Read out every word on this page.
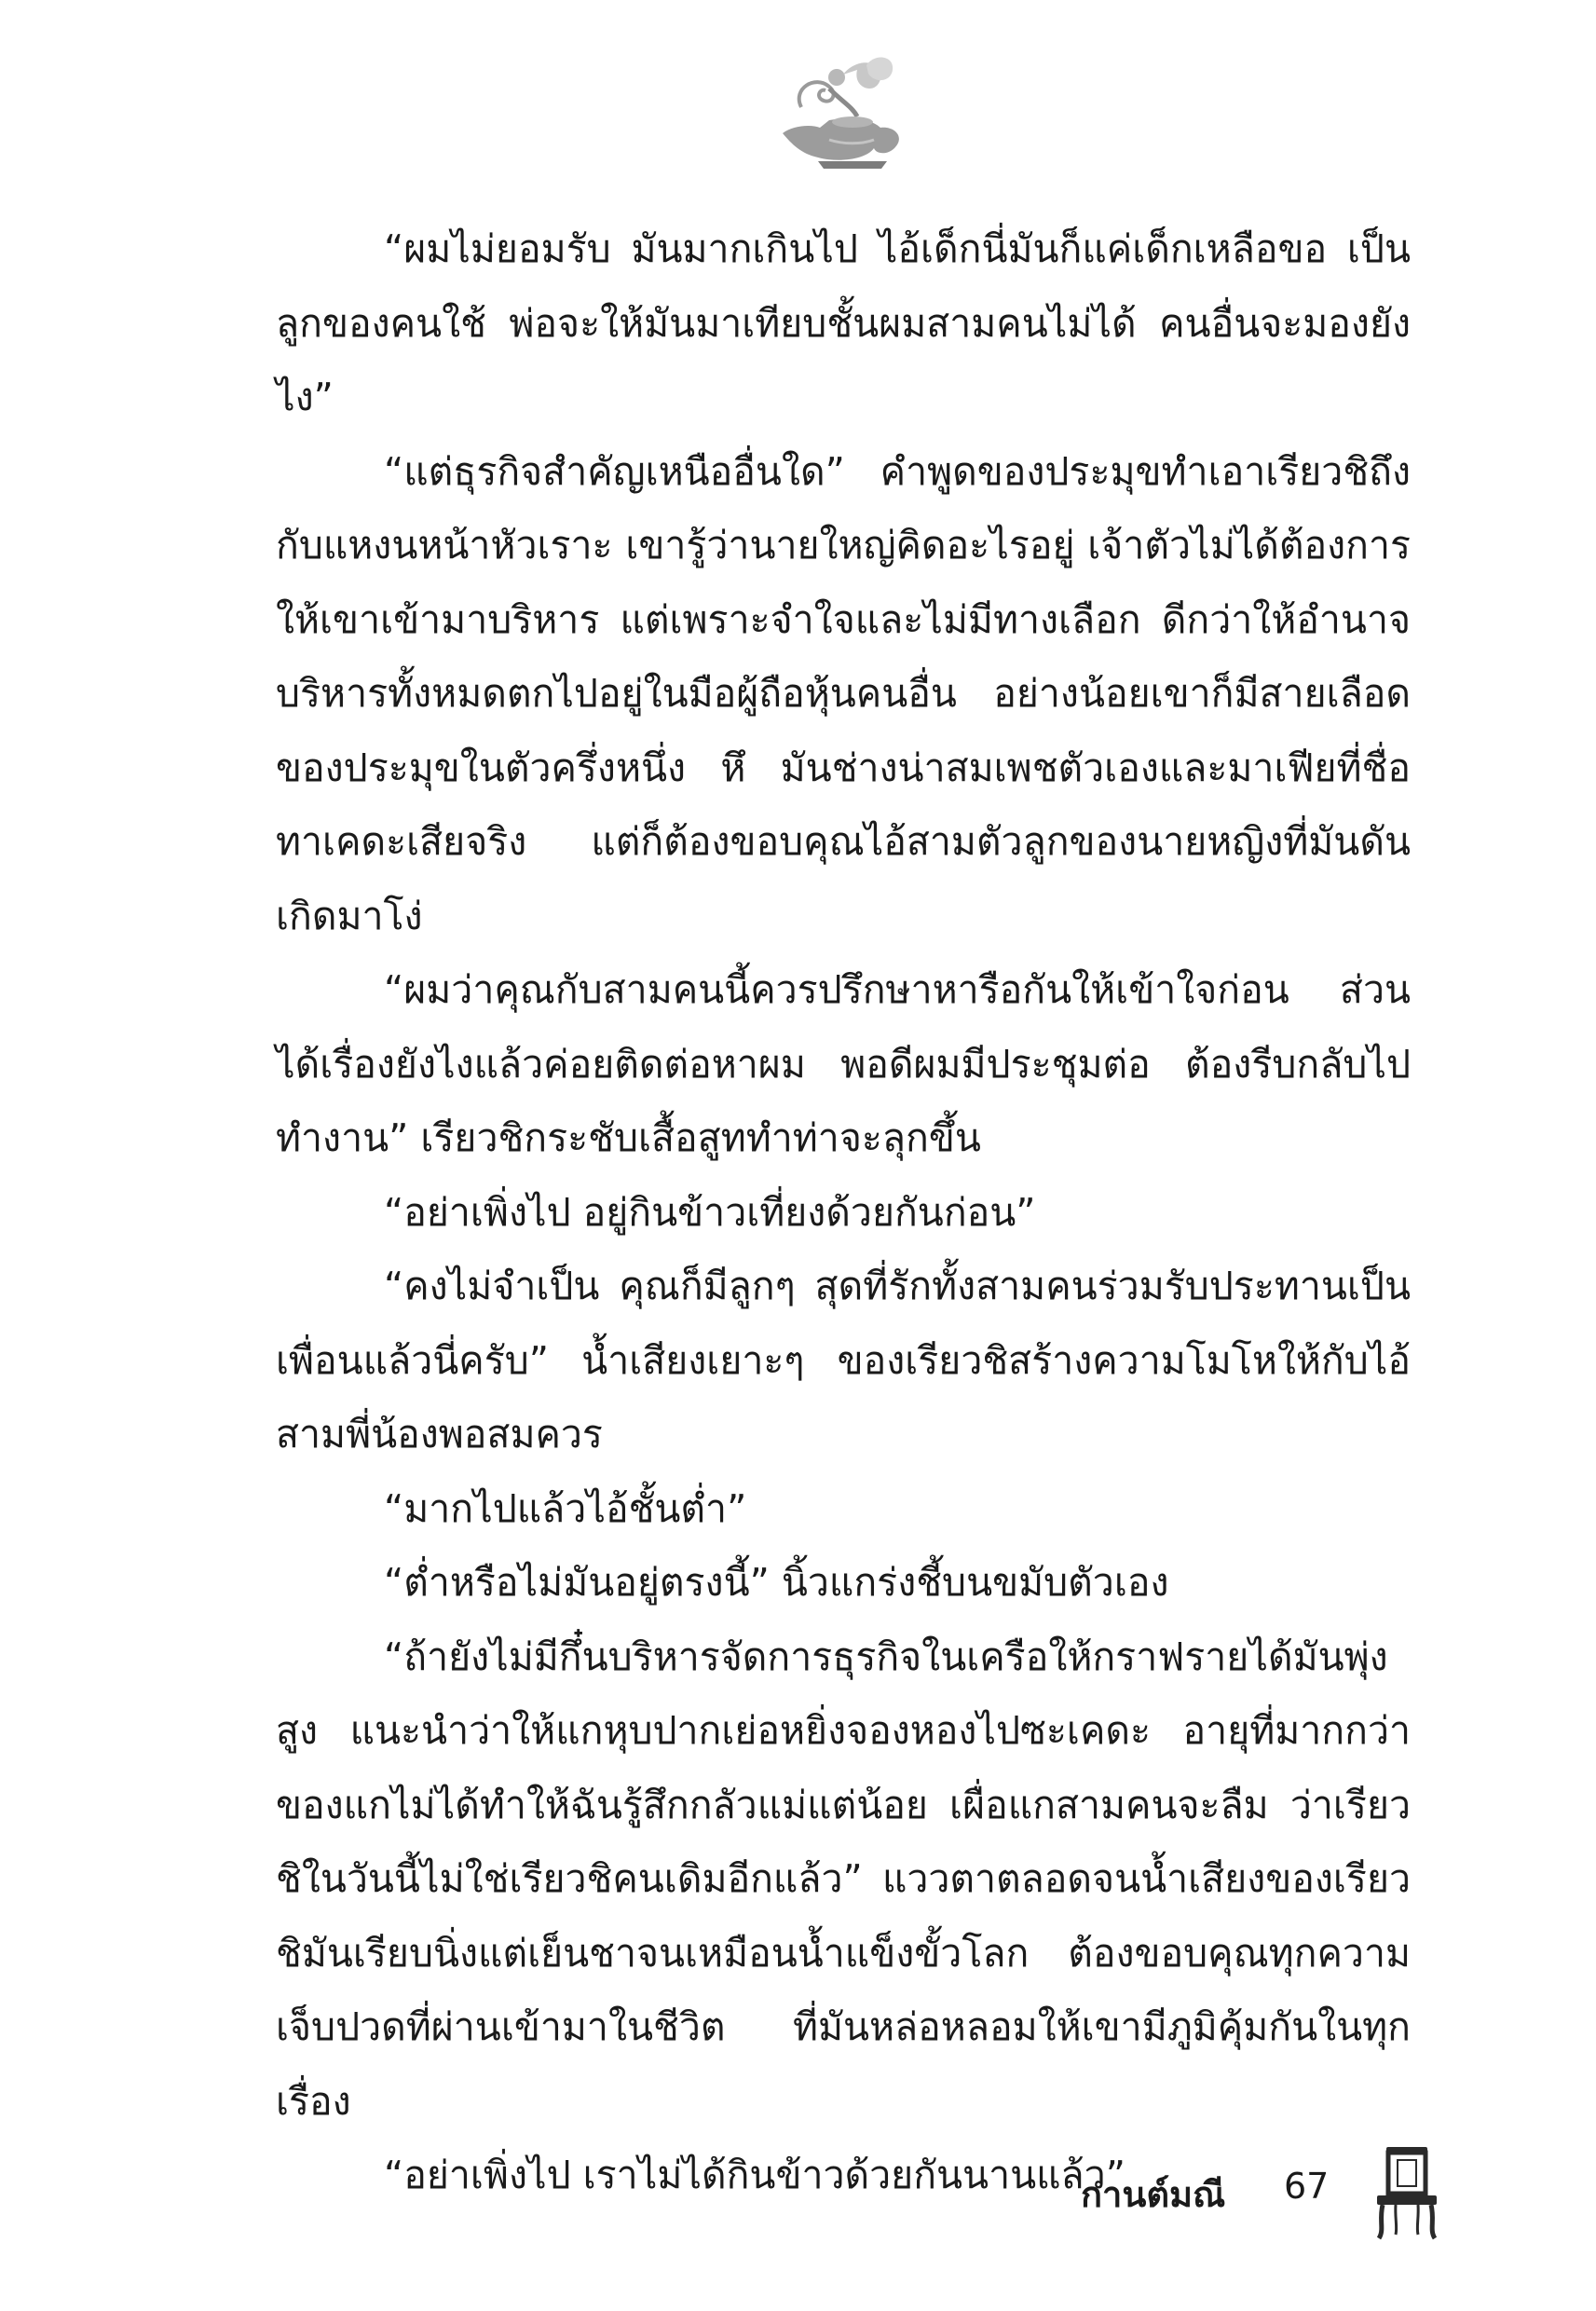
“ผมไม่ยอมรับ มันมากเกินไป ไอ้เด็กนี่มันก็แค่เด็กเหลือขอ เป็นลูกของคนใช้ พ่อจะให้มันมาเทียบชั้นผมสามคนไม่ได้ คนอื่นจะมองยังไง”

“แต่ธุรกิจสำคัญเหนืออื่นใด” คำพูดของประมุขทำเอาเรียวชิถึงกับแหงนหน้าหัวเราะ เขารู้ว่านายใหญ่คิดอะไรอยู่ เจ้าตัวไม่ได้ต้องการให้เขาเข้ามาบริหาร แต่เพราะจำใจและไม่มีทางเลือก ดีกว่าให้อำนาจบริหารทั้งหมดตกไปอยู่ในมือผู้ถือหุ้นคนอื่น อย่างน้อยเขาก็มีสายเลือดของประมุขในตัวครึ่งหนึ่ง หึ มันช่างน่าสมเพชตัวเองและมาเฟียที่ชื่อทาเคดะเสียจริง แต่ก็ต้องขอบคุณไอ้สามตัวลูกของนายหญิงที่มันดันเกิดมาโง่

“ผมว่าคุณกับสามคนนี้ควรปรึกษาหารือกันให้เข้าใจก่อน ส่วนได้เรื่องยังไงแล้วค่อยติดต่อหาผม พอดีผมมีประชุมต่อ ต้องรีบกลับไปทำงาน” เรียวชิกระชับเสื้อสูททำท่าจะลุกขึ้น

“อย่าเพิ่งไป อยู่กินข้าวเที่ยงด้วยกันก่อน”

“คงไม่จำเป็น คุณก็มีลูกๆ สุดที่รักทั้งสามคนร่วมรับประทานเป็นเพื่อนแล้วนี่ครับ” น้ำเสียงเยาะๆ ของเรียวชิสร้างความโมโหให้กับไอ้สามพี่น้องพอสมควร

“มากไปแล้วไอ้ชั้นต่ำ”

“ต่ำหรือไม่มันอยู่ตรงนี้” นิ้วแกร่งชี้บนขมับตัวเอง

“ถ้ายังไม่มีกึ๋นบริหารจัดการธุรกิจในเครือให้กราฟรายได้มันพุ่งสูง แนะนำว่าให้แกหุบปากเย่อหยิ่งจองหองไปซะเคดะ อายุที่มากกว่าของแกไม่ได้ทำให้ฉันรู้สึกกลัวแม่แต่น้อย เผื่อแกสามคนจะลืม ว่าเรียวชิในวันนี้ไม่ใช่เรียวชิคนเดิมอีกแล้ว” แววตาตลอดจนน้ำเสียงของเรียวชิมันเรียบนิ่งแต่เย็นชาจนเหมือนน้ำแข็งขั้วโลก ต้องขอบคุณทุกความเจ็บปวดที่ผ่านเข้ามาในชีวิต ที่มันหล่อหลอมให้เขามีภูมิคุ้มกันในทุกเรื่อง

“อย่าเพิ่งไป เราไม่ได้กินข้าวด้วยกันนานแล้ว”

กานต์มณี 67
